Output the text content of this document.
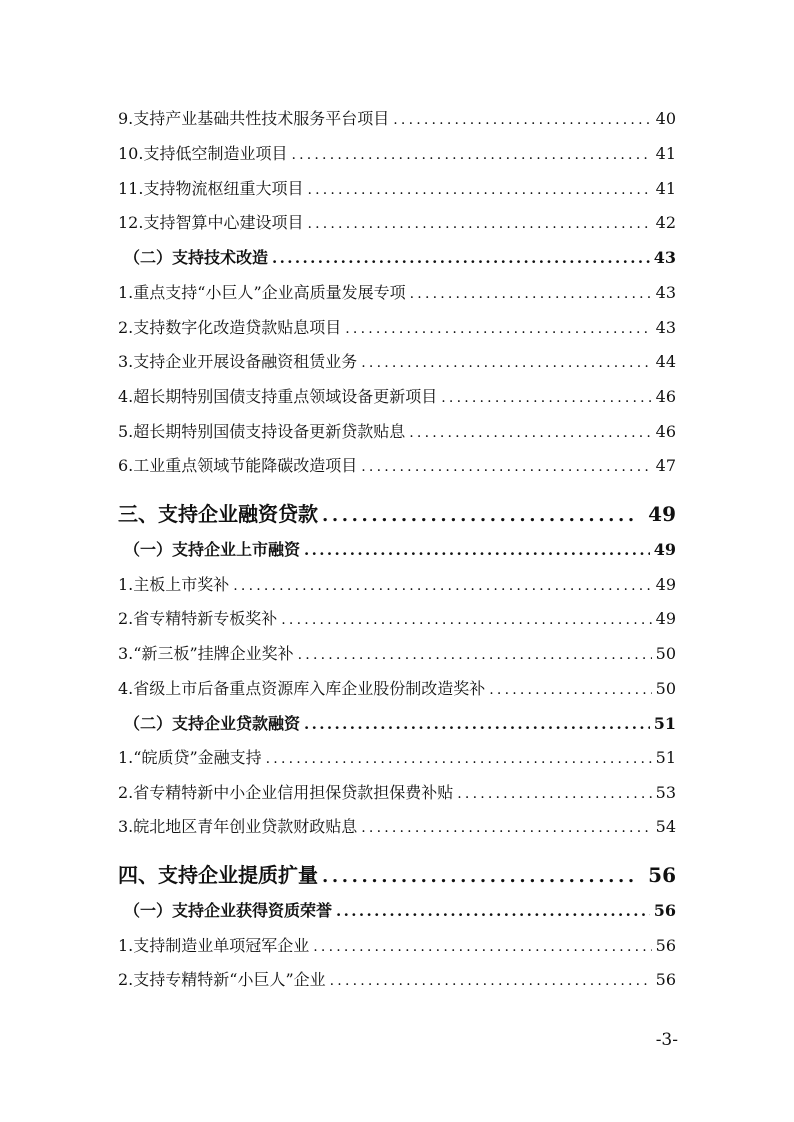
9.支持产业基础共性技术服务平台项目 .....	40
10.支持低空制造业项目 .....	41
11.支持物流枢纽重大项目 .....	41
12.支持智算中心建设项目 .....	42
（二）支持技术改造 .....	43
1.重点支持“小巨人”企业高质量发展专项 .....	43
2.支持数字化改造贷款贴息项目 .....	43
3.支持企业开展设备融资租赁业务 .....	44
4.超长期特别国债支持重点领域设备更新项目 .....	46
5.超长期特别国债支持设备更新贷款贴息 .....	46
6.工业重点领域节能降碳改造项目 .....	47
三、支持企业融资贷款 .....	49
（一）支持企业上市融资 .....	49
1.主板上市奖补 .....	49
2.省专精特新专板奖补 .....	49
3.“新三板”挂牌企业奖补 .....	50
4.省级上市后备重点资源库入库企业股份制改造奖补 .....	50
（二）支持企业贷款融资 .....	51
1.“皖质贷”金融支持 .....	51
2.省专精特新中小企业信用担保贷款担保费补贴 .....	53
3.皖北地区青年创业贷款财政贴息 .....	54
四、支持企业提质扩量 .....	56
（一）支持企业获得资质荣誉 .....	56
1.支持制造业单项冠军企业 .....	56
2.支持专精特新“小巨人”企业 .....	56
-3-
